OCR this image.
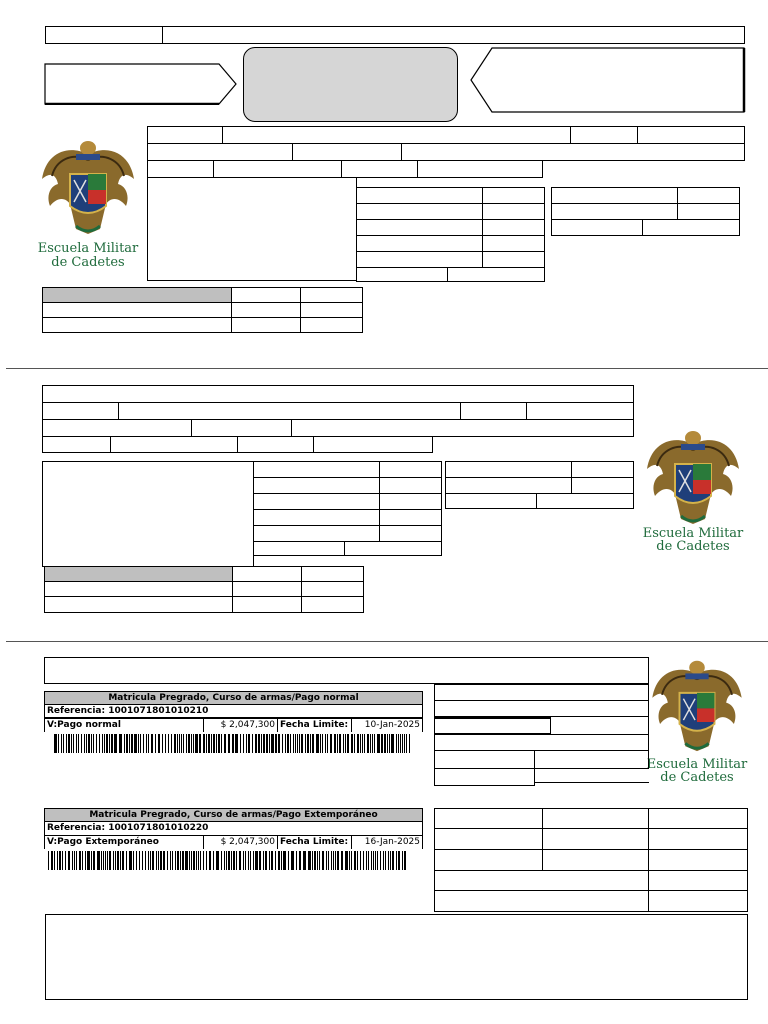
Escuela Militar
de Cadetes
Escuela Militar
de Cadetes
Escuela Militar
de Cadetes
Matricula Pregrado, Curso de armas/Pago normal
Referencia: 1001071801010210
V:Pago normal	$ 2,047,300 Fecha Limite:	10-Jan-2025
Matricula Pregrado, Curso de armas/Pago Extemporáneo
Referencia: 1001071801010220
V:Pago Extemporáneo	$ 2,047,300 Fecha Limite:	16-Jan-2025
